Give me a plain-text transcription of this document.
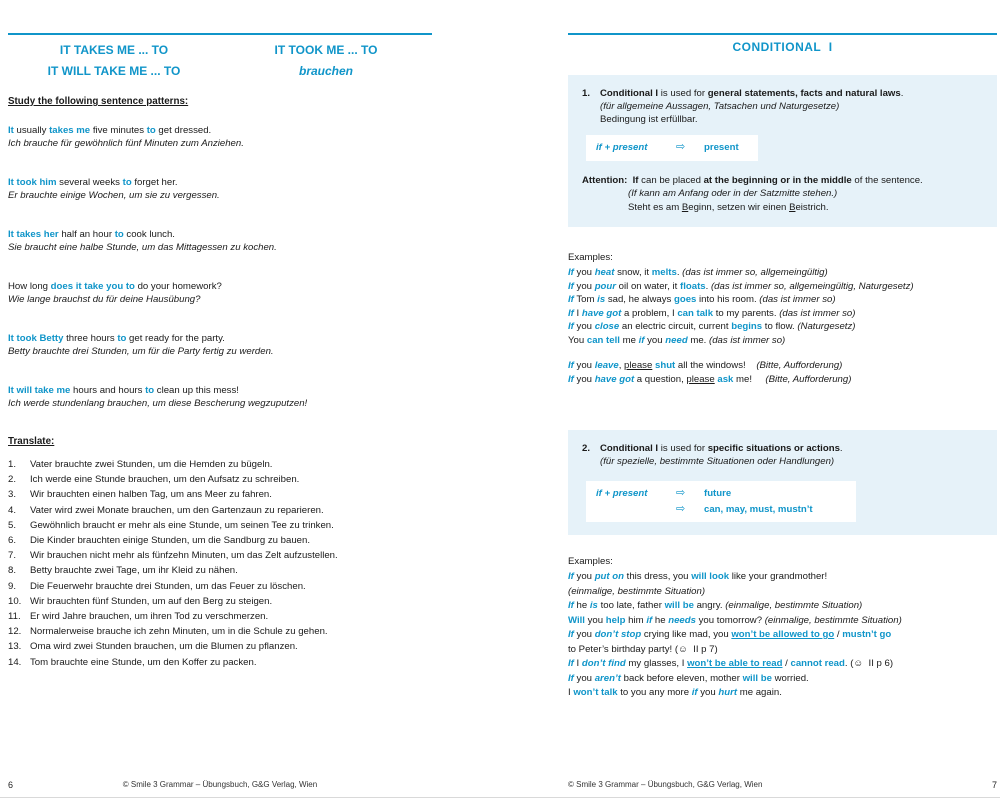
IT TAKES ME ... TO	IT TOOK ME ... TO
IT WILL TAKE ME ... TO	brauchen
Study the following sentence patterns:
It usually takes me five minutes to get dressed.
Ich brauche für gewöhnlich fünf Minuten zum Anziehen.
It took him several weeks to forget her.
Er brauchte einige Wochen, um sie zu vergessen.
It takes her half an hour to cook lunch.
Sie braucht eine halbe Stunde, um das Mittagessen zu kochen.
How long does it take you to do your homework?
Wie lange brauchst du für deine Hausübung?
It took Betty three hours to get ready for the party.
Betty brauchte drei Stunden, um für die Party fertig zu werden.
It will take me hours and hours to clean up this mess!
Ich werde stundenlang brauchen, um diese Bescherung wegzuputzen!
Translate:
1.	Vater brauchte zwei Stunden, um die Hemden zu bügeln.
2.	Ich werde eine Stunde brauchen, um den Aufsatz zu schreiben.
3.	Wir brauchten einen halben Tag, um ans Meer zu fahren.
4.	Vater wird zwei Monate brauchen, um den Gartenzaun zu reparieren.
5.	Gewöhnlich braucht er mehr als eine Stunde, um seinen Tee zu trinken.
6.	Die Kinder brauchten einige Stunden, um die Sandburg zu bauen.
7.	Wir brauchen nicht mehr als fünfzehn Minuten, um das Zelt aufzustellen.
8.	Betty brauchte zwei Tage, um ihr Kleid zu nähen.
9.	Die Feuerwehr brauchte drei Stunden, um das Feuer zu löschen.
10. Wir brauchten fünf Stunden, um auf den Berg zu steigen.
11. Er wird Jahre brauchen, um ihren Tod zu verschmerzen.
12. Normalerweise brauche ich zehn Minuten, um in die Schule zu gehen.
13. Oma wird zwei Stunden brauchen, um die Blumen zu pflanzen.
14. Tom brauchte eine Stunde, um den Koffer zu packen.
6	© Smile 3 Grammar – Übungsbuch, G&G Verlag, Wien
CONDITIONAL  I
1.	Conditional I is used for general statements, facts and natural laws.
(für allgemeine Aussagen, Tatsachen und Naturgesetze)
Bedingung ist erfüllbar.
if + present	⇨	present
Attention: If can be placed at the beginning or in the middle of the sentence.
(If kann am Anfang oder in der Satzmitte stehen.)
Steht es am Beginn, setzen wir einen Beistrich.
Examples:
If you heat snow, it melts. (das ist immer so, allgemeingültig)
If you pour oil on water, it floats. (das ist immer so, allgemeingültig, Naturgesetz)
If Tom is sad, he always goes into his room. (das ist immer so)
If I have got a problem, I can talk to my parents. (das ist immer so)
If you close an electric circuit, current begins to flow. (Naturgesetz)
You can tell me if you need me. (das ist immer so)
If you leave, please shut all the windows!    (Bitte, Aufforderung)
If you have got a question, please ask me!     (Bitte, Aufforderung)
2.	Conditional I is used for specific situations or actions.
(für spezielle, bestimmte Situationen oder Handlungen)
if + present	⇨	future
⇨	can, may, must, mustn’t
Examples:
If you put on this dress, you will look like your grandmother!
(einmalige, bestimmte Situation)
If he is too late, father will be angry. (einmalige, bestimmte Situation)
Will you help him if he needs you tomorrow? (einmalige, bestimmte Situation)
If you don’t stop crying like mad, you won’t be allowed to go / mustn’t go
to Peter’s birthday party! (☺  II p 7)
If I don’t find my glasses, I won’t be able to read / cannot read. (☺  II p 6)
If you aren’t back before eleven, mother will be worried.
I won’t talk to you any more if you hurt me again.
© Smile 3 Grammar – Übungsbuch, G&G Verlag, Wien	7
